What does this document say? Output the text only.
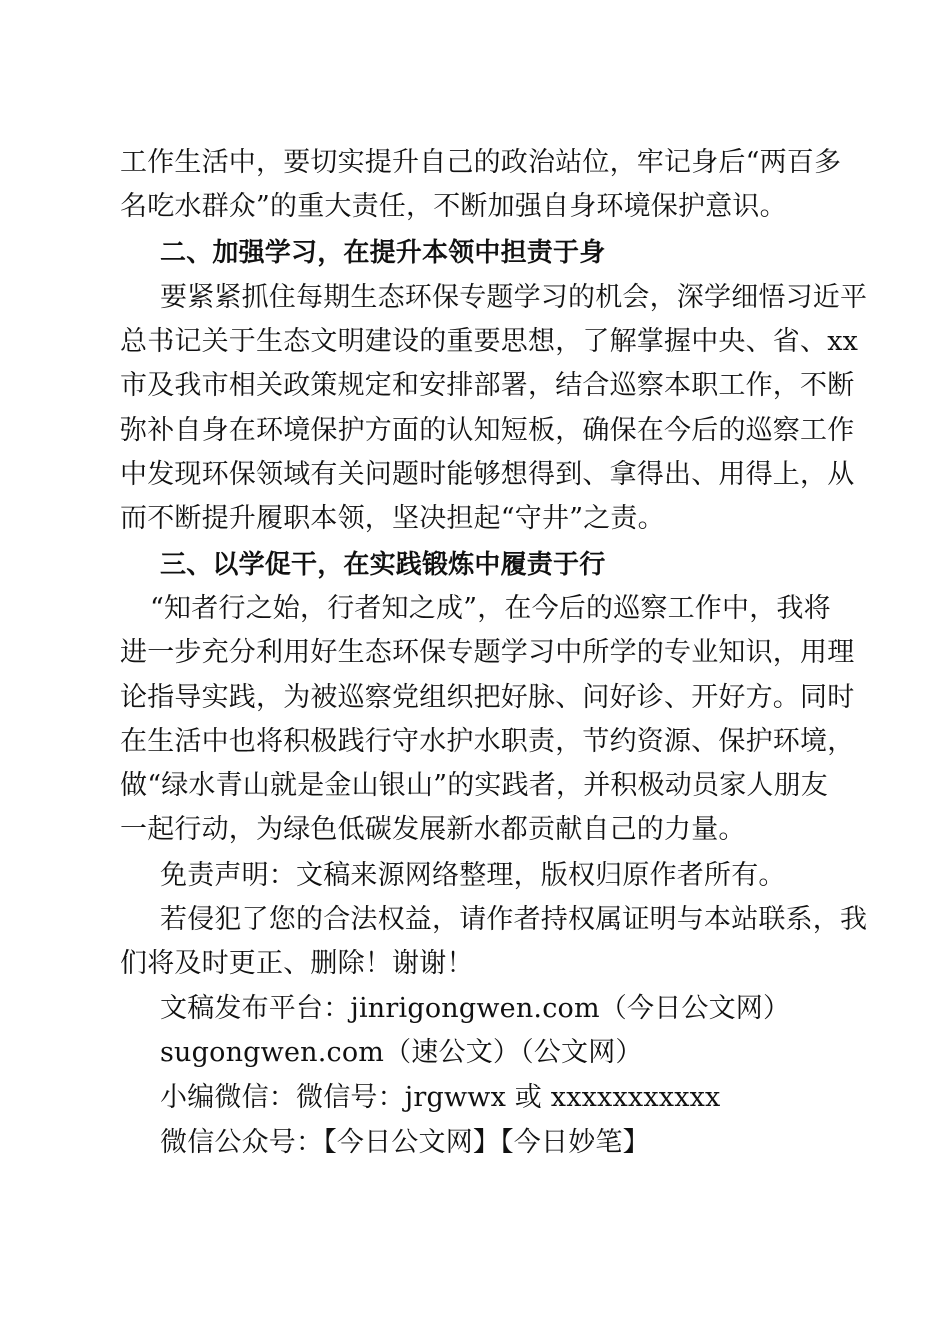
工作生活中，要切实提升自己的政治站位，牢记身后“两百多
名吃水群众”的重大责任，不断加强自身环境保护意识。
二、加强学习，在提升本领中担责于身
要紧紧抓住每期生态环保专题学习的机会，深学细悟习近平
总书记关于生态文明建设的重要思想，了解掌握中央、省、xx
市及我市相关政策规定和安排部署，结合巡察本职工作，不断
弥补自身在环境保护方面的认知短板，确保在今后的巡察工作
中发现环保领域有关问题时能够想得到、拿得出、用得上，从
而不断提升履职本领，坚决担起“守井”之责。
三、以学促干，在实践锻炼中履责于行
“知者行之始，行者知之成”，在今后的巡察工作中，我将
进一步充分利用好生态环保专题学习中所学的专业知识，用理
论指导实践，为被巡察党组织把好脉、问好诊、开好方。同时
在生活中也将积极践行守水护水职责，节约资源、保护环境，
做“绿水青山就是金山银山”的实践者，并积极动员家人朋友
一起行动，为绿色低碳发展新水都贡献自己的力量。
免责声明：文稿来源网络整理，版权归原作者所有。
若侵犯了您的合法权益，请作者持权属证明与本站联系，我
们将及时更正、删除！谢谢！
文稿发布平台：jinrigongwen.com（今日公文网）
sugongwen.com（速公文）（公文网）
小编微信：微信号：jrgwwx 或 xxxxxxxxxxx
微信公众号：【今日公文网】【今日妙笔】
